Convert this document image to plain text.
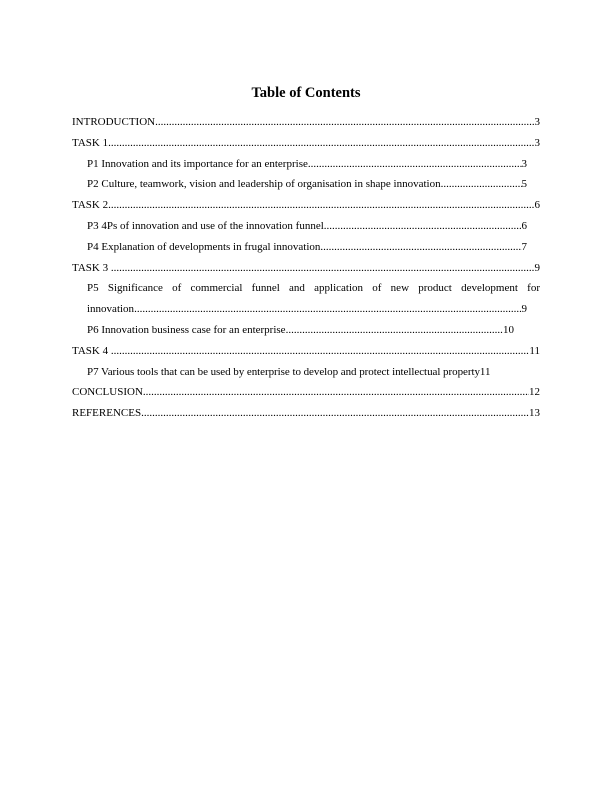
Table of Contents
INTRODUCTION .....	3
TASK 1 .....	3
P1 Innovation and its importance for an enterprise .....	3
P2 Culture, teamwork, vision and leadership of organisation in shape innovation .....	5
TASK 2 .....	6
P3 4Ps of innovation and use of the innovation funnel .....	6
P4 Explanation of developments in frugal innovation .....	7
TASK 3 .....	9
P5 Significance of commercial funnel and application of new product development for
innovation .....	9
P6 Innovation business case for an enterprise .....	10
TASK 4 .....	11
P7 Various tools that can be used by enterprise to develop and protect intellectual property 11
CONCLUSION .....	12
REFERENCES .....	13
